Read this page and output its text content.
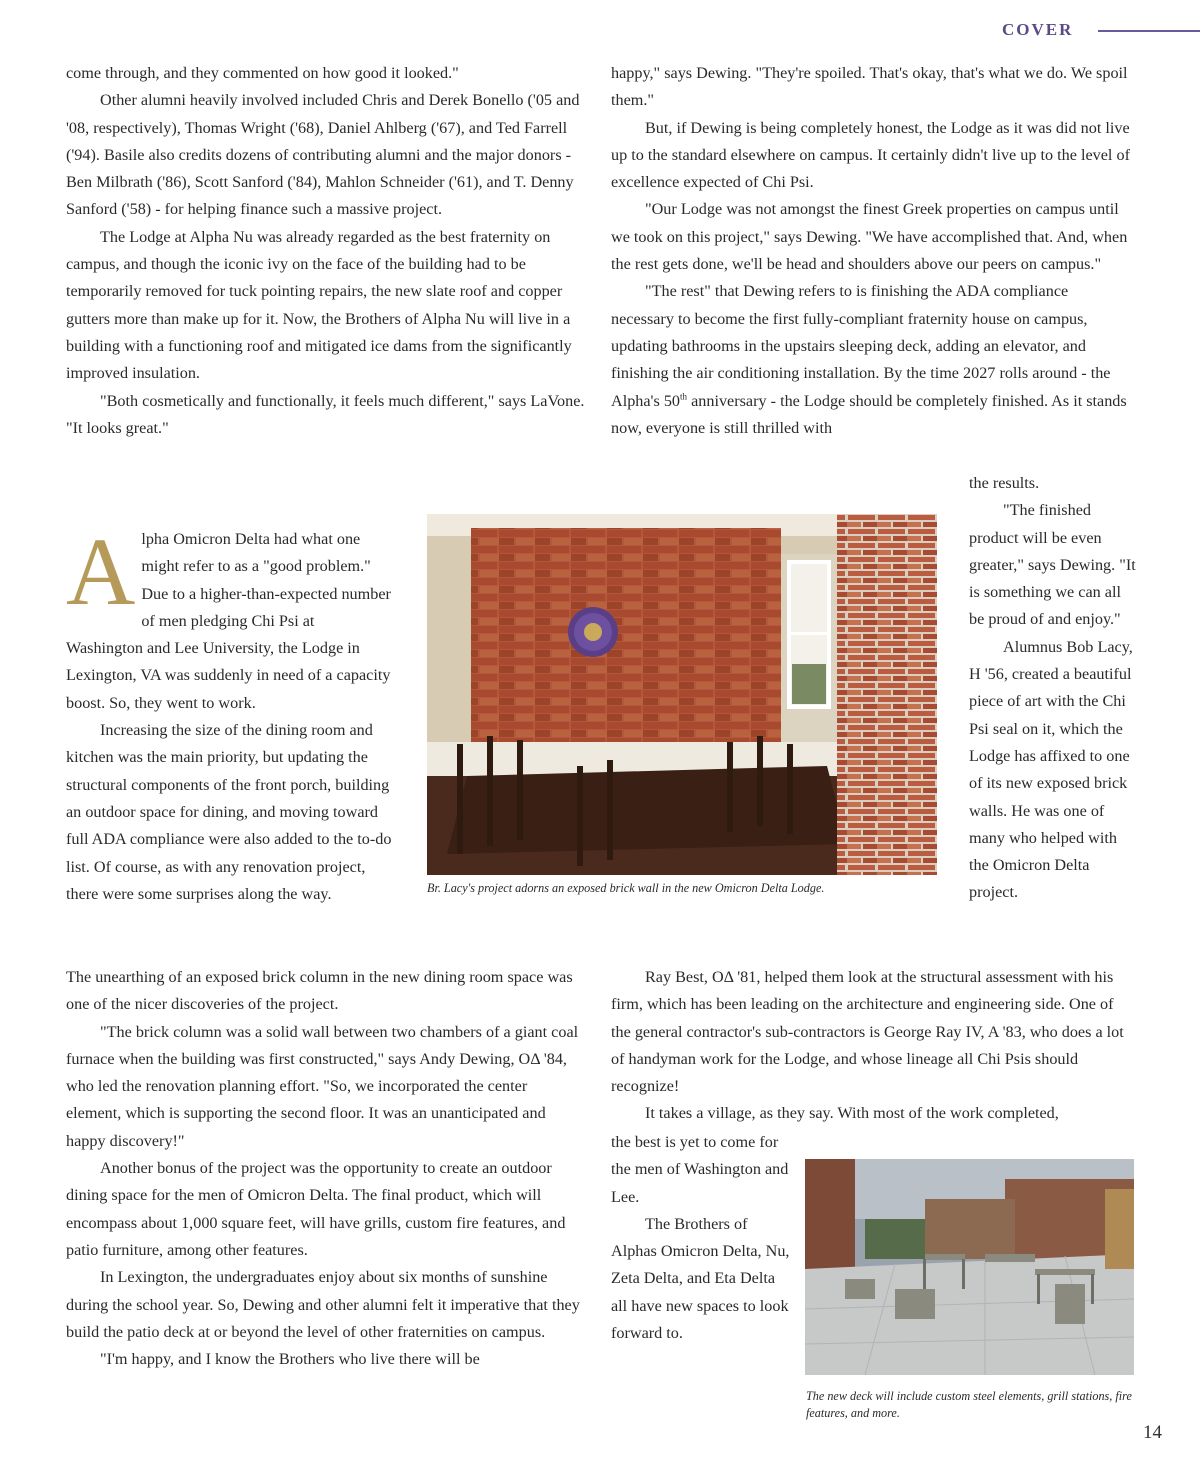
COVER

come through, and they commented on how good it looked."

Other alumni heavily involved included Chris and Derek Bonello ('05 and '08, respectively), Thomas Wright ('68), Daniel Ahlberg ('67), and Ted Farrell ('94). Basile also credits dozens of contributing alumni and the major donors - Ben Milbrath ('86), Scott Sanford ('84), Mahlon Schneider ('61), and T. Denny Sanford ('58) - for helping finance such a massive project.

The Lodge at Alpha Nu was already regarded as the best fraternity on campus, and though the iconic ivy on the face of the building had to be temporarily removed for tuck pointing repairs, the new slate roof and copper gutters more than make up for it. Now, the Brothers of Alpha Nu will live in a building with a functioning roof and mitigated ice dams from the significantly improved insulation.

"Both cosmetically and functionally, it feels much different," says LaVone. "It looks great."

happy," says Dewing. "They're spoiled. That's okay, that's what we do. We spoil them."

But, if Dewing is being completely honest, the Lodge as it was did not live up to the standard elsewhere on campus. It certainly didn't live up to the level of excellence expected of Chi Psi.

"Our Lodge was not amongst the finest Greek properties on campus until we took on this project," says Dewing. "We have accomplished that. And, when the rest gets done, we'll be head and shoulders above our peers on campus."

"The rest" that Dewing refers to is finishing the ADA compliance necessary to become the first fully-compliant fraternity house on campus, updating bathrooms in the upstairs sleeping deck, adding an elevator, and finishing the air conditioning installation. By the time 2027 rolls around - the Alpha's 50th anniversary - the Lodge should be completely finished. As it stands now, everyone is still thrilled with

the results.

"The finished product will be even greater," says Dewing. "It is something we can all be proud of and enjoy."

Alumnus Bob Lacy, H '56, created a beautiful piece of art with the Chi Psi seal on it, which the Lodge has affixed to one of its new exposed brick walls. He was one of many who helped with the Omicron Delta project.

Alpha Omicron Delta had what one might refer to as a "good problem." Due to a higher-than-expected number of men pledging Chi Psi at Washington and Lee University, the Lodge in Lexington, VA was suddenly in need of a capacity boost. So, they went to work.

Increasing the size of the dining room and kitchen was the main priority, but updating the structural components of the front porch, building an outdoor space for dining, and moving toward full ADA compliance were also added to the to-do list. Of course, as with any renovation project, there were some surprises along the way.	Br. Lacy's project adorns an exposed brick wall in the new Omicron Delta Lodge.

The unearthing of an exposed brick column in the new dining room space was one of the nicer discoveries of the project.

"The brick column was a solid wall between two chambers of a giant coal furnace when the building was first constructed," says Andy Dewing, OΔ '84, who led the renovation planning effort. "So, we incorporated the center element, which is supporting the second floor. It was an unanticipated and happy discovery!"

Another bonus of the project was the opportunity to create an outdoor dining space for the men of Omicron Delta. The final product, which will encompass about 1,000 square feet, will have grills, custom fire features, and patio furniture, among other features.

In Lexington, the undergraduates enjoy about six months of sunshine during the school year. So, Dewing and other alumni felt it imperative that they build the patio deck at or beyond the level of other fraternities on campus.

"I'm happy, and I know the Brothers who live there will be

Ray Best, OΔ '81, helped them look at the structural assessment with his firm, which has been leading on the architecture and engineering side. One of the general contractor's sub-contractors is George Ray IV, A '83, who does a lot of handyman work for the Lodge, and whose lineage all Chi Psis should recognize!

It takes a village, as they say. With most of the work completed,

the best is yet to come for the men of Washington and Lee.

The Brothers of Alphas Omicron Delta, Nu, Zeta Delta, and Eta Delta all have new spaces to look forward to.

The new deck will include custom steel elements, grill stations, fire features, and more.
14
